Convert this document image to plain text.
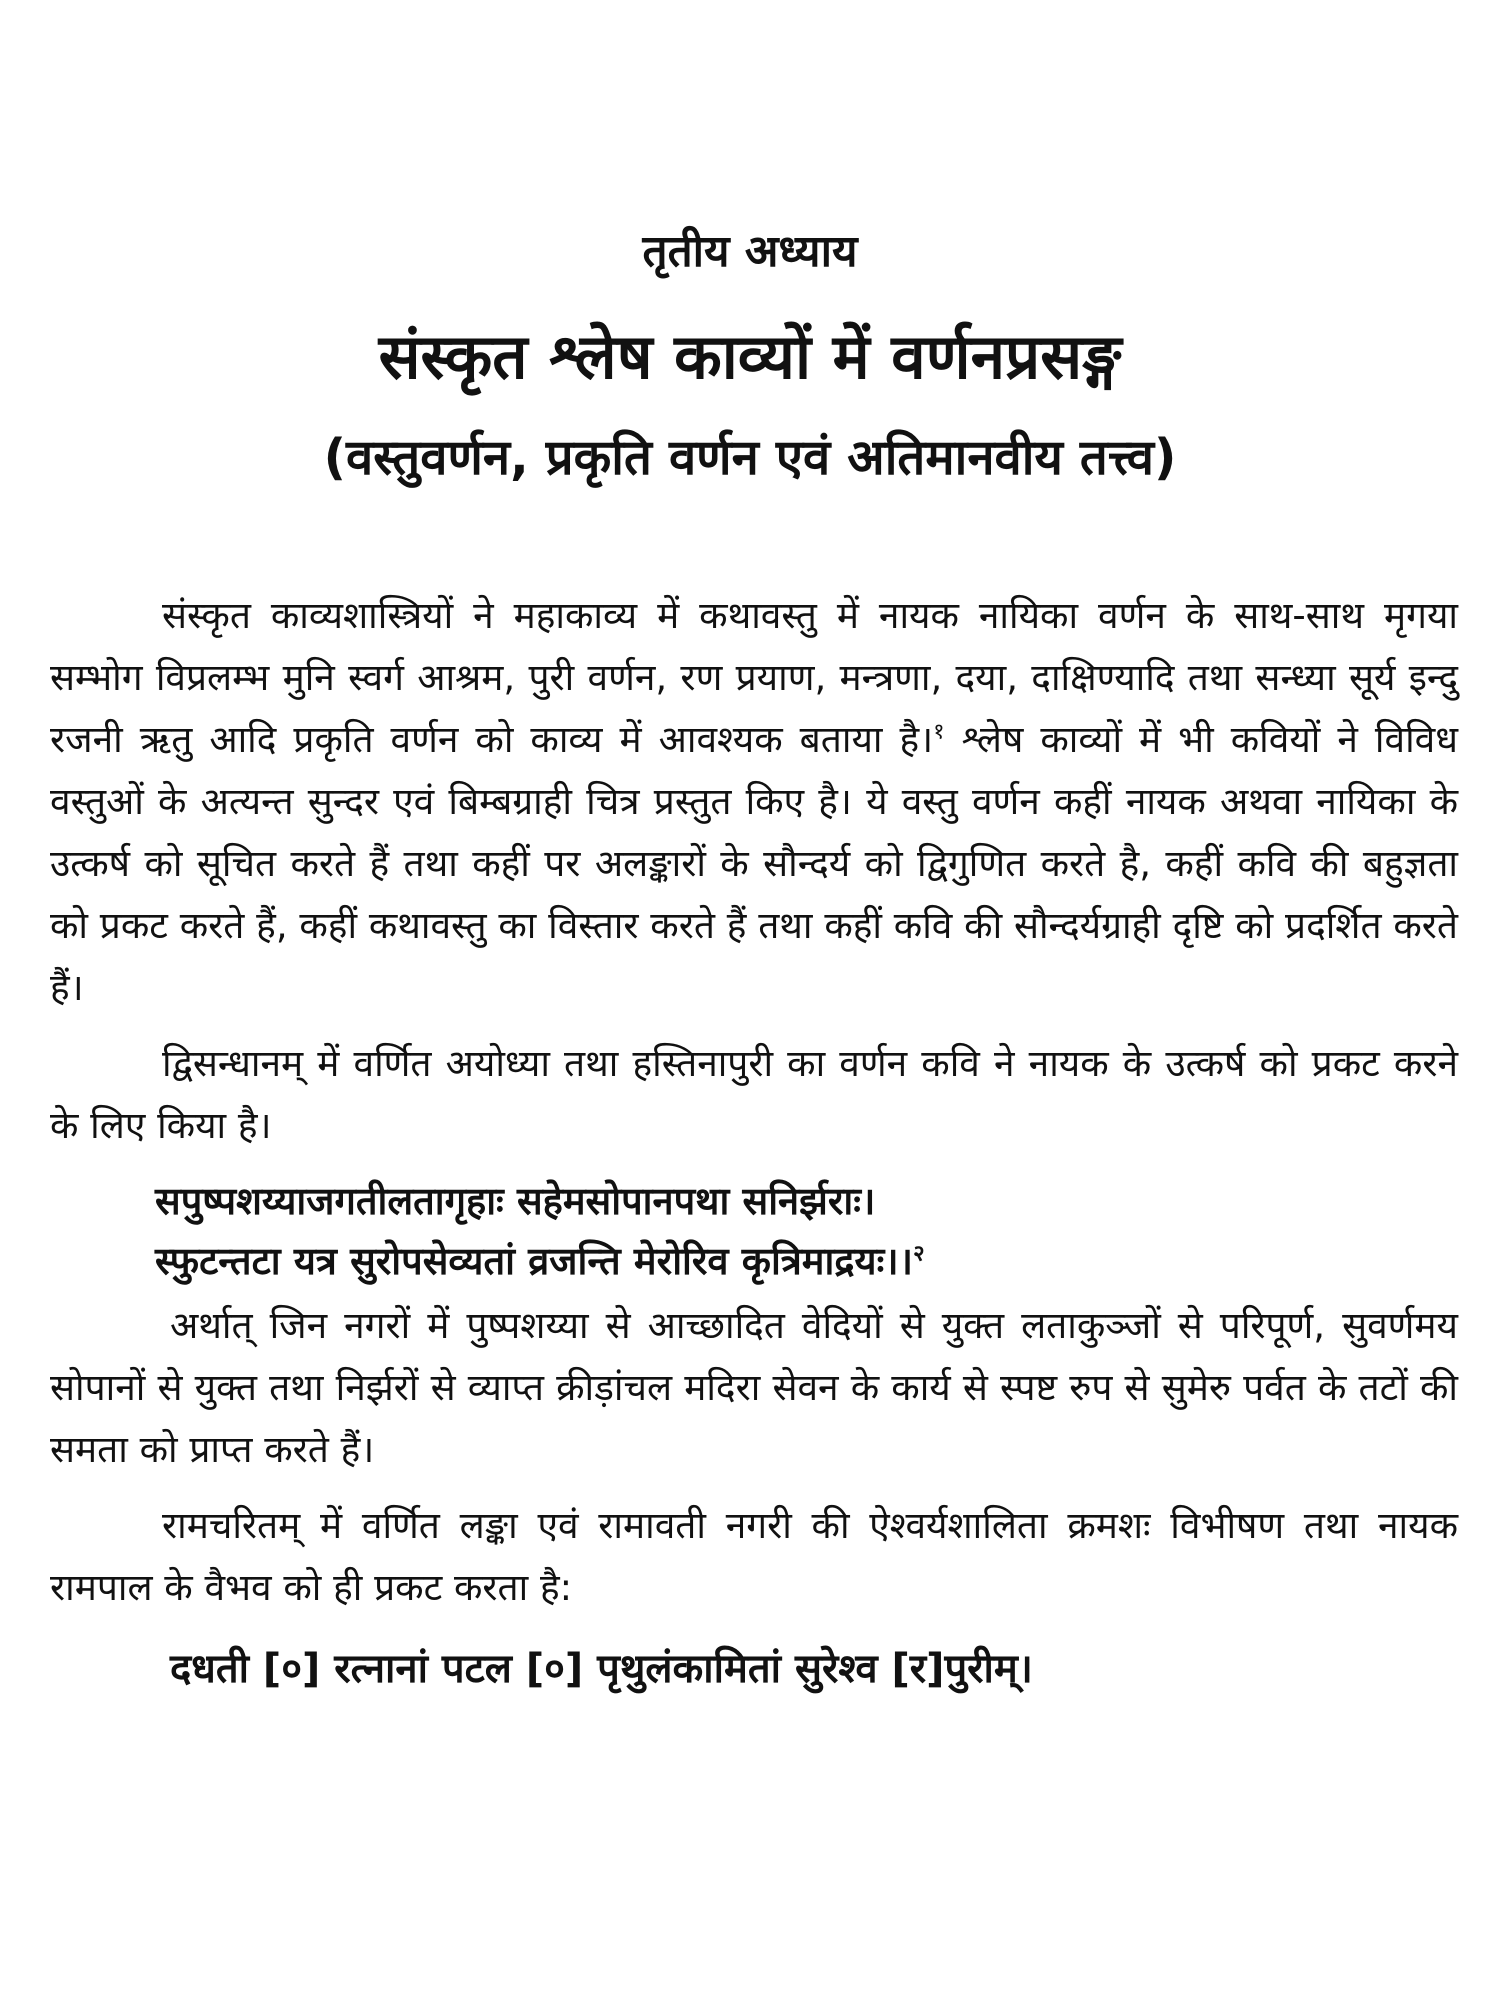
तृतीय अध्याय
संस्कृत श्लेष काव्यों में वर्णनप्रसङ्ग
(वस्तुवर्णन, प्रकृति वर्णन एवं अतिमानवीय तत्त्व)

संस्कृत काव्यशास्त्रियों ने महाकाव्य में कथावस्तु में नायक नायिका वर्णन के साथ-साथ मृगया सम्भोग विप्रलम्भ मुनि स्वर्ग आश्रम, पुरी वर्णन, रण प्रयाण, मन्त्रणा, दया, दाक्षिण्यादि तथा सन्ध्या सूर्य इन्दु रजनी ऋतु आदि प्रकृति वर्णन को काव्य में आवश्यक बताया है।$^१$ श्लेष काव्यों में भी कवियों ने विविध वस्तुओं के अत्यन्त सुन्दर एवं बिम्बग्राही चित्र प्रस्तुत किए है। ये वस्तु वर्णन कहीं नायक अथवा नायिका के उत्कर्ष को सूचित करते हैं तथा कहीं पर अलङ्कारों के सौन्दर्य को द्विगुणित करते है, कहीं कवि की बहुज्ञता को प्रकट करते हैं, कहीं कथावस्तु का विस्तार करते हैं तथा कहीं कवि की सौन्दर्यग्राही दृष्टि को प्रदर्शित करते हैं।

द्विसन्धानम् में वर्णित अयोध्या तथा हस्तिनापुरी का वर्णन कवि ने नायक के उत्कर्ष को प्रकट करने के लिए किया है।

सपुष्पशय्याजगतीलतागृहाः सहेमसोपानपथा सनिर्झराः।

स्फुटन्तटा यत्र सुरोपसेव्यतां व्रजन्ति मेरोरिव कृत्रिमाद्रयः।।$^२$

अर्थात् जिन नगरों में पुष्पशय्या से आच्छादित वेदियों से युक्त लताकुञ्जों से परिपूर्ण, सुवर्णमय सोपानों से युक्त तथा निर्झरों से व्याप्त क्रीड़ांचल मदिरा सेवन के कार्य से स्पष्ट रुप से सुमेरु पर्वत के तटों की समता को प्राप्त करते हैं।

रामचरितम् में वर्णित लङ्का एवं रामावती नगरी की ऐश्वर्यशालिता क्रमशः विभीषण तथा नायक रामपाल के वैभव को ही प्रकट करता है:

दधती [०] रत्नानां पटल [०] पृथुलंकामितां सुरेश्व [र]पुरीम्।
